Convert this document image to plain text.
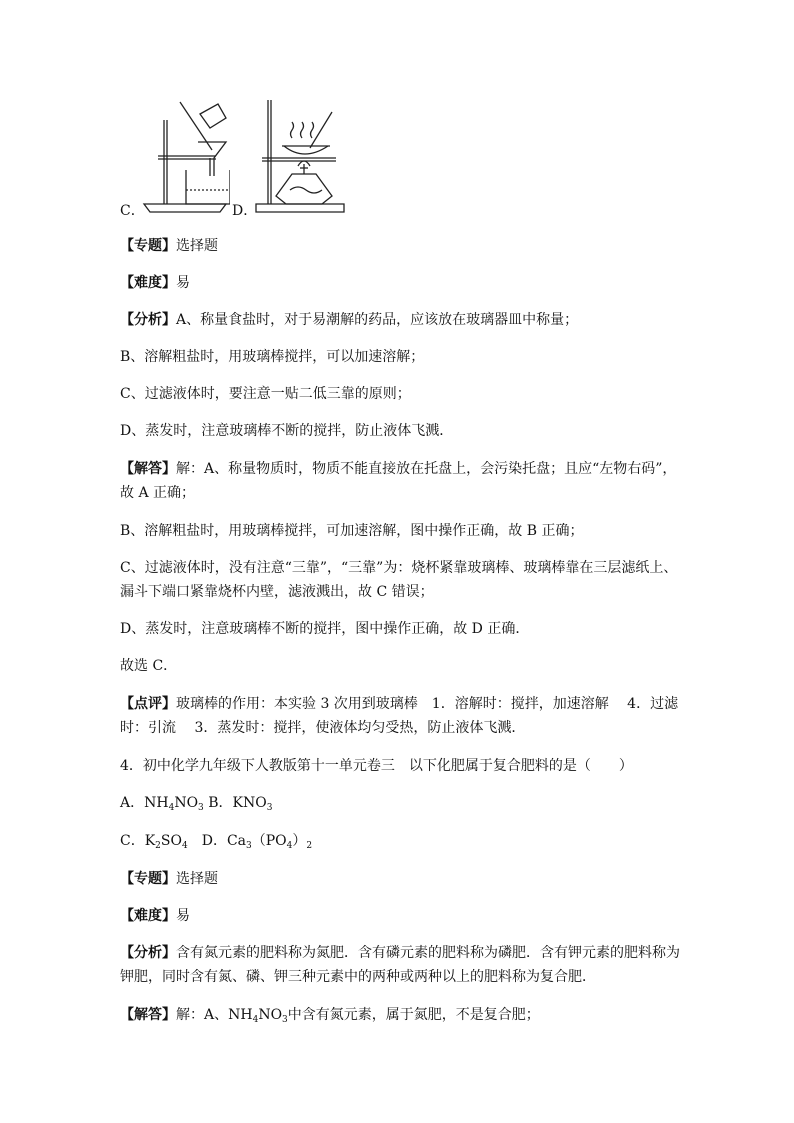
C．	D．
【专题】选择题
【难度】易
【分析】A、称量食盐时，对于易潮解的药品，应该放在玻璃器皿中称量；
B、溶解粗盐时，用玻璃棒搅拌，可以加速溶解；
C、过滤液体时，要注意一贴二低三靠的原则；
D、蒸发时，注意玻璃棒不断的搅拌，防止液体飞溅．
【解答】解：A、称量物质时，物质不能直接放在托盘上，会污染托盘；且应“左物右码”，
故 A 正确；
B、溶解粗盐时，用玻璃棒搅拌，可加速溶解，图中操作正确，故 B 正确；
C、过滤液体时，没有注意“三靠”，“三靠”为：烧杯紧靠玻璃棒、玻璃棒靠在三层滤纸上、
漏斗下端口紧靠烧杯内壁，滤液溅出，故 C 错误；
D、蒸发时，注意玻璃棒不断的搅拌，图中操作正确，故 D 正确．
故选 C．
【点评】玻璃棒的作用：本实验 3 次用到玻璃棒　1．溶解时：搅拌，加速溶解　 4．过滤
时：引流　 3．蒸发时：搅拌，使液体均匀受热，防止液体飞溅．
4．初中化学九年级下人教版第十一单元卷三　以下化肥属于复合肥料的是（　　）
A．$NH_4NO_3$ B．$KNO_3$
C．$K_2SO_4$　D．$Ca_3(PO_4)_2$
【专题】选择题
【难度】易
【分析】含有氮元素的肥料称为氮肥．含有磷元素的肥料称为磷肥．含有钾元素的肥料称为
钾肥，同时含有氮、磷、钾三种元素中的两种或两种以上的肥料称为复合肥．
【解答】解：A、$NH_4NO_3$中含有氮元素，属于氮肥，不是复合肥；
